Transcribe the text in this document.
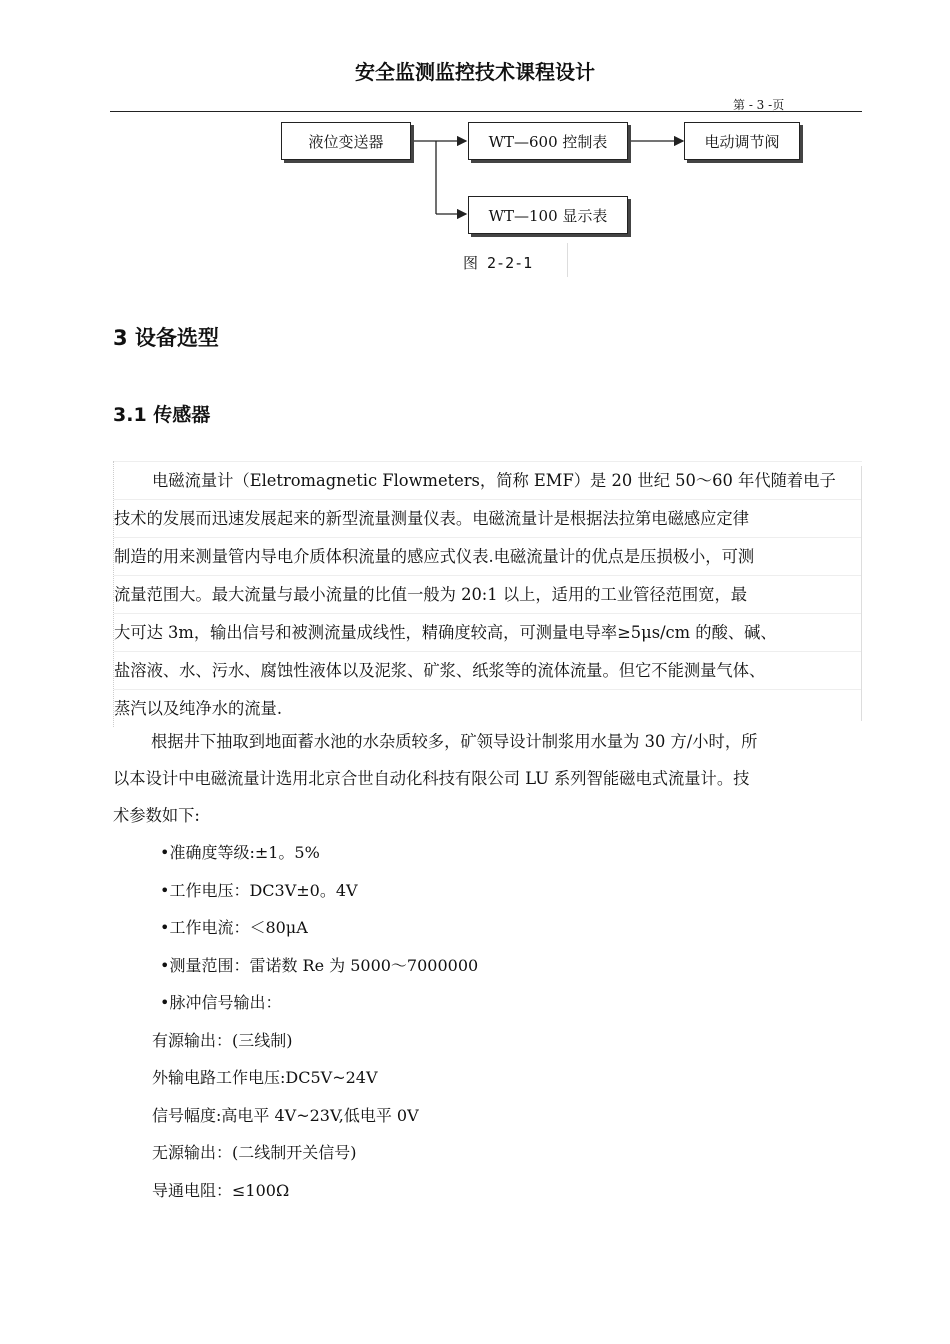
安全监测监控技术课程设计
第 - 3 -页
液位变送器	WT—600 控制表	电动调节阀
WT—100 显示表
图 2-2-1
3 设备选型
3.1 传感器
电磁流量计（Eletromagnetic Flowmeters，简称 EMF）是 20 世纪 50～60 年代随着电子
技术的发展而迅速发展起来的新型流量测量仪表。电磁流量计是根据法拉第电磁感应定律
制造的用来测量管内导电介质体积流量的感应式仪表.电磁流量计的优点是压损极小，可测
流量范围大。最大流量与最小流量的比值一般为 20:1 以上，适用的工业管径范围宽，最
大可达 3m，输出信号和被测流量成线性，精确度较高，可测量电导率≥5μs/cm 的酸、碱、
盐溶液、水、污水、腐蚀性液体以及泥浆、矿浆、纸浆等的流体流量。但它不能测量气体、
蒸汽以及纯净水的流量.
根据井下抽取到地面蓄水池的水杂质较多，矿领导设计制浆用水量为 30 方/小时，所
以本设计中电磁流量计选用北京合世自动化科技有限公司 LU 系列智能磁电式流量计。技
术参数如下:
•准确度等级:±1。5%
•工作电压：DC3V±0。4V
•工作电流：＜80μA
•测量范围：雷诺数 Re 为 5000～7000000
•脉冲信号输出：
有源输出：(三线制)
外输电路工作电压:DC5V~24V
信号幅度:高电平 4V~23V,低电平 0V
无源输出：(二线制开关信号)
导通电阻：≤100Ω
